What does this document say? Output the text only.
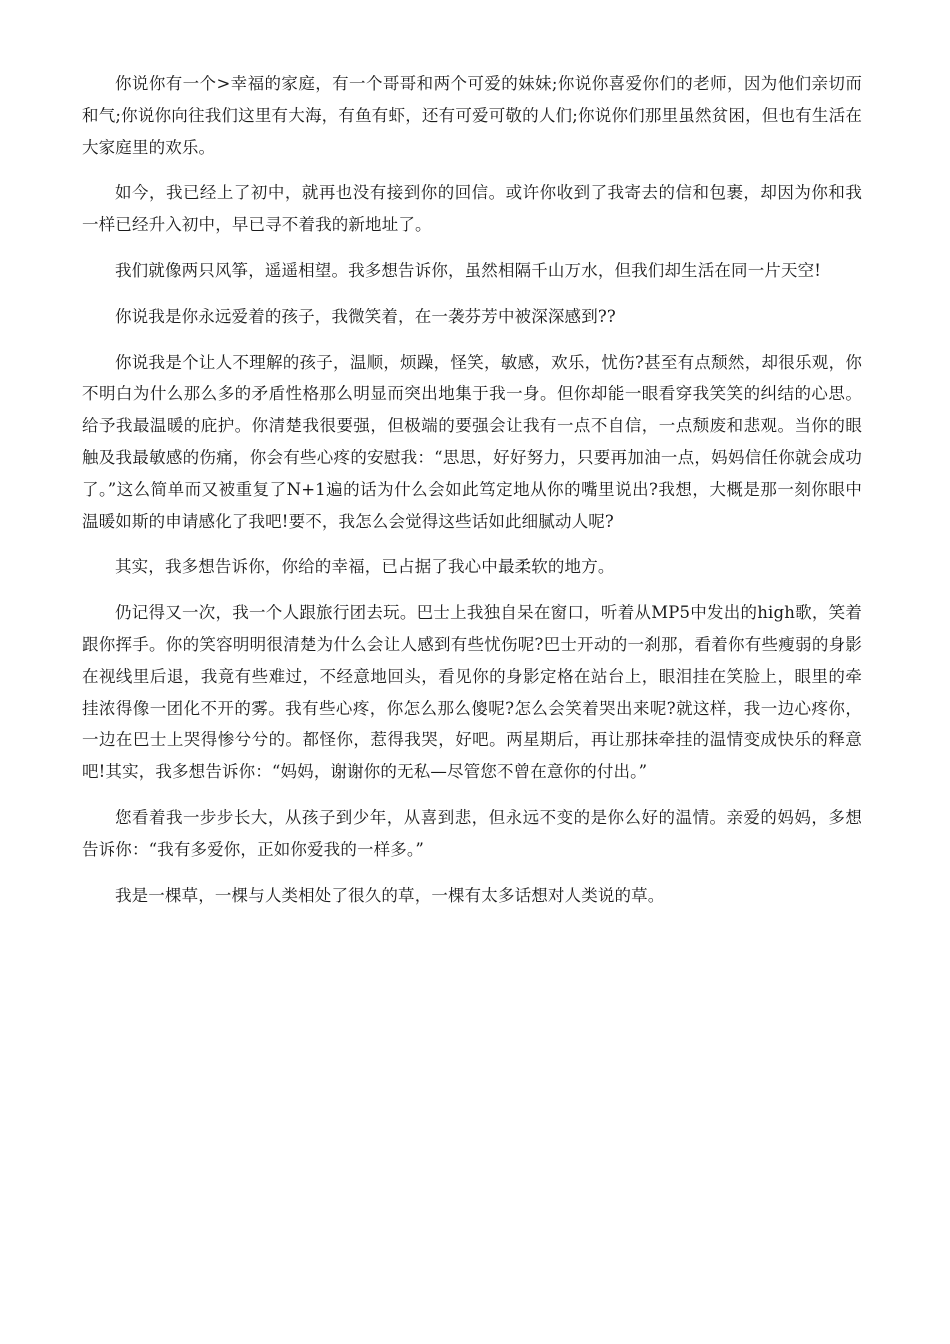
你说你有一个>幸福的家庭，有一个哥哥和两个可爱的妹妹;你说你喜爱你们的老师，因为他们亲切而和气;你说你向往我们这里有大海，有鱼有虾，还有可爱可敬的人们;你说你们那里虽然贫困，但也有生活在大家庭里的欢乐。

如今，我已经上了初中，就再也没有接到你的回信。或许你收到了我寄去的信和包裹，却因为你和我一样已经升入初中，早已寻不着我的新地址了。

我们就像两只风筝，遥遥相望。我多想告诉你，虽然相隔千山万水，但我们却生活在同一片天空!

你说我是你永远爱着的孩子，我微笑着，在一袭芬芳中被深深感到??

你说我是个让人不理解的孩子，温顺，烦躁，怪笑，敏感，欢乐，忧伤?甚至有点颓然，却很乐观，你不明白为什么那么多的矛盾性格那么明显而突出地集于我一身。但你却能一眼看穿我笑笑的纠结的心思。给予我最温暖的庇护。你清楚我很要强，但极端的要强会让我有一点不自信，一点颓废和悲观。当你的眼触及我最敏感的伤痛，你会有些心疼的安慰我：“思思，好好努力，只要再加油一点，妈妈信任你就会成功了。”这么简单而又被重复了N+1遍的话为什么会如此笃定地从你的嘴里说出?我想，大概是那一刻你眼中温暖如斯的申请感化了我吧!要不，我怎么会觉得这些话如此细腻动人呢?

其实，我多想告诉你，你给的幸福，已占据了我心中最柔软的地方。

仍记得又一次，我一个人跟旅行团去玩。巴士上我独自呆在窗口，听着从MP5中发出的high歌，笑着跟你挥手。你的笑容明明很清楚为什么会让人感到有些忧伤呢?巴士开动的一刹那，看着你有些瘦弱的身影在视线里后退，我竟有些难过，不经意地回头，看见你的身影定格在站台上，眼泪挂在笑脸上，眼里的牵挂浓得像一团化不开的雾。我有些心疼，你怎么那么傻呢?怎么会笑着哭出来呢?就这样，我一边心疼你，一边在巴士上哭得惨兮兮的。都怪你，惹得我哭，好吧。两星期后，再让那抹牵挂的温情变成快乐的释意吧!其实，我多想告诉你：“妈妈，谢谢你的无私—尽管您不曾在意你的付出。”

您看着我一步步长大，从孩子到少年，从喜到悲，但永远不变的是你么好的温情。亲爱的妈妈，多想告诉你：“我有多爱你，正如你爱我的一样多。”

我是一棵草，一棵与人类相处了很久的草，一棵有太多话想对人类说的草。
